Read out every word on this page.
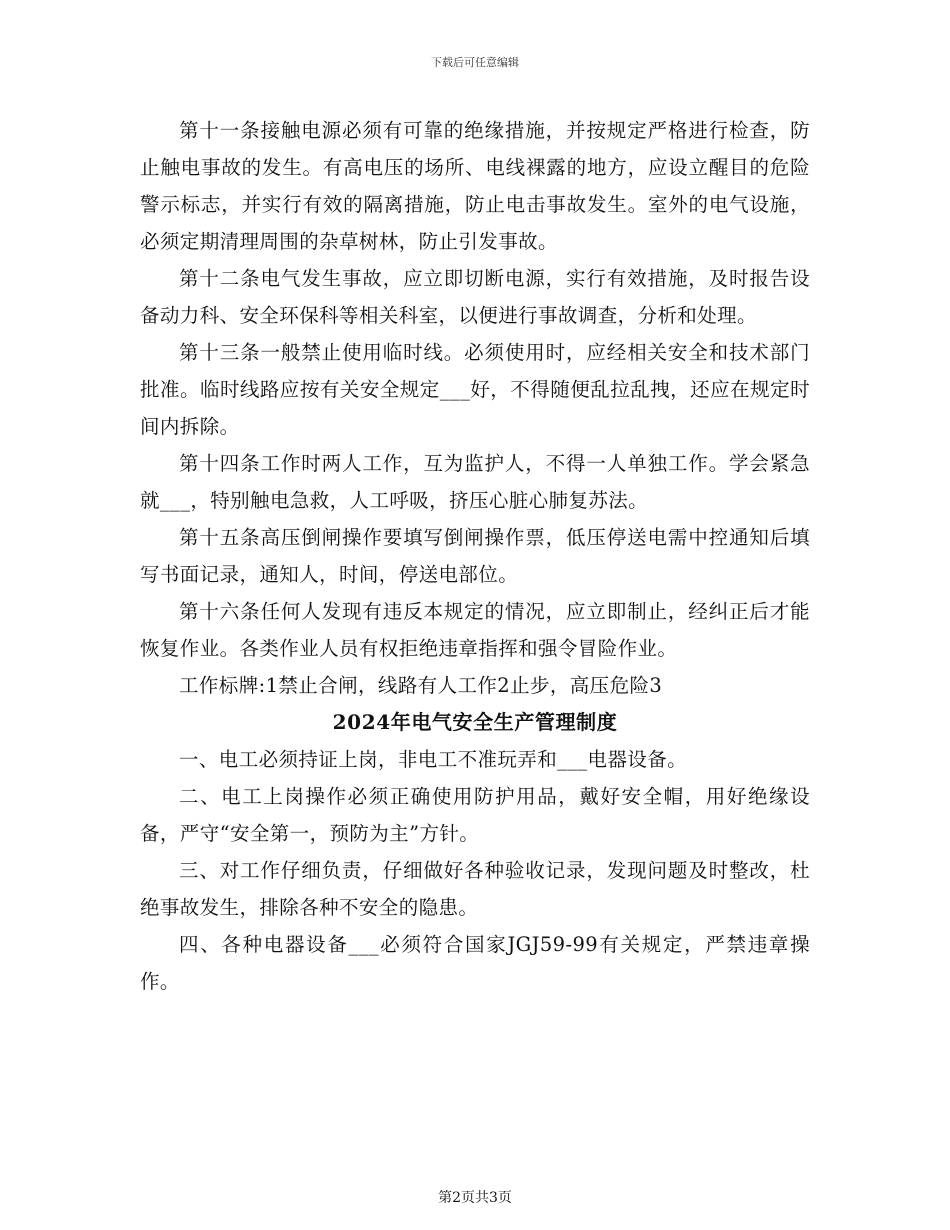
下载后可任意编辑

第十一条接触电源必须有可靠的绝缘措施，并按规定严格进行检查，防止触电事故的发生。有高电压的场所、电线裸露的地方，应设立醒目的危险警示标志，并实行有效的隔离措施，防止电击事故发生。室外的电气设施，必须定期清理周围的杂草树林，防止引发事故。

第十二条电气发生事故，应立即切断电源，实行有效措施，及时报告设备动力科、安全环保科等相关科室，以便进行事故调查，分析和处理。

第十三条一般禁止使用临时线。必须使用时，应经相关安全和技术部门批准。临时线路应按有关安全规定___好，不得随便乱拉乱拽，还应在规定时间内拆除。

第十四条工作时两人工作，互为监护人，不得一人单独工作。学会紧急就___，特别触电急救，人工呼吸，挤压心脏心肺复苏法。

第十五条高压倒闸操作要填写倒闸操作票，低压停送电需中控通知后填写书面记录，通知人，时间，停送电部位。

第十六条任何人发现有违反本规定的情况，应立即制止，经纠正后才能恢复作业。各类作业人员有权拒绝违章指挥和强令冒险作业。

工作标牌:1禁止合闸，线路有人工作2止步，高压危险3

2024年电气安全生产管理制度

一、电工必须持证上岗，非电工不准玩弄和___电器设备。

二、电工上岗操作必须正确使用防护用品，戴好安全帽，用好绝缘设备，严守“安全第一，预防为主”方针。

三、对工作仔细负责，仔细做好各种验收记录，发现问题及时整改，杜绝事故发生，排除各种不安全的隐患。

四、各种电器设备___必须符合国家JGJ59-99有关规定，严禁违章操作。

第2页共3页
